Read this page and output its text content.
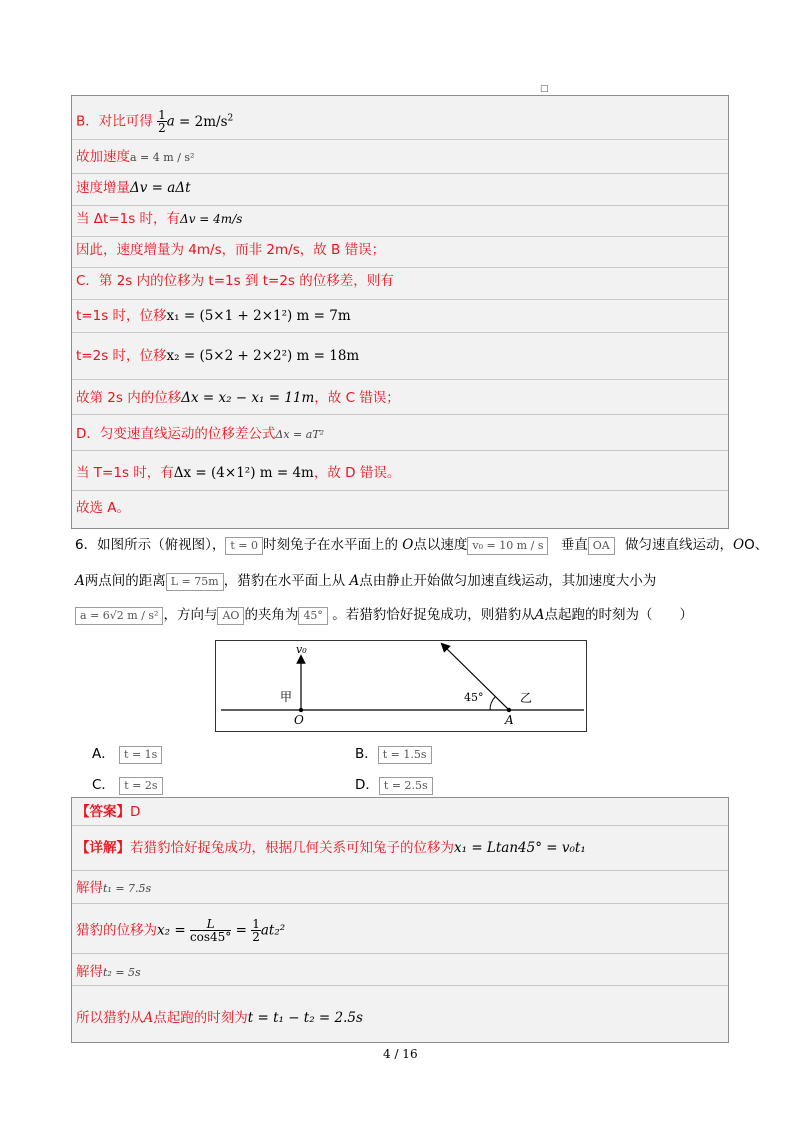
□
B．对比可得 $\frac{1}{2}$ $a = 2m/s^2$
故加速度a = 4 m / s²
速度增量Δv = aΔt
当 Δt=1s 时，有Δv = 4m/s
因此，速度增量为 4m/s，而非 2m/s，故 B 错误；
C．第 2s 内的位移为 t=1s 到 t=2s 的位移差，则有
t=1s 时，位移x₁ = (5×1 + 2×1²) m = 7m
t=2s 时，位移x₂ = (5×2 + 2×2²) m = 18m
故第 2s 内的位移Δx = x₂ − x₁ = 11m，故 C 错误；
D．匀变速直线运动的位移差公式Δx = aT²
当 T=1s 时，有Δx = (4×1²) m = 4m，故 D 错误。
故选 A。
6．如图所示（俯视图）， t = 0 时刻兔子在水平面上的 O点以速度 v₀ = 10 m / s 垂直 OA 做匀速直线运动，OO、
A两点间的距离 L = 75m ，猎豹在水平面上从 A点由静止开始做匀加速直线运动，其加速度大小为
a = 6√2 m / s² ，方向与 AO 的夹角为 45° 。若猎豹恰好捉兔成功，则猎豹从A点起跑的时刻为（　　）
v₀
甲	45°	乙
O	A
A． t = 1s	B． t = 1.5s
C． t = 2s	D． t = 2.5s
【答案】D
【详解】若猎豹恰好捉兔成功，根据几何关系可知兔子的位移为x₁ = Ltan45° = v₀t₁
解得t₁ = 7.5s
猎豹的位移为$x_2 = \frac{L}{\cos 45^\circ} = \frac{1}{2} at_2^2$
解得t₂ = 5s
所以猎豹从A点起跑的时刻为t = t₁ − t₂ = 2.5s
4 / 16
